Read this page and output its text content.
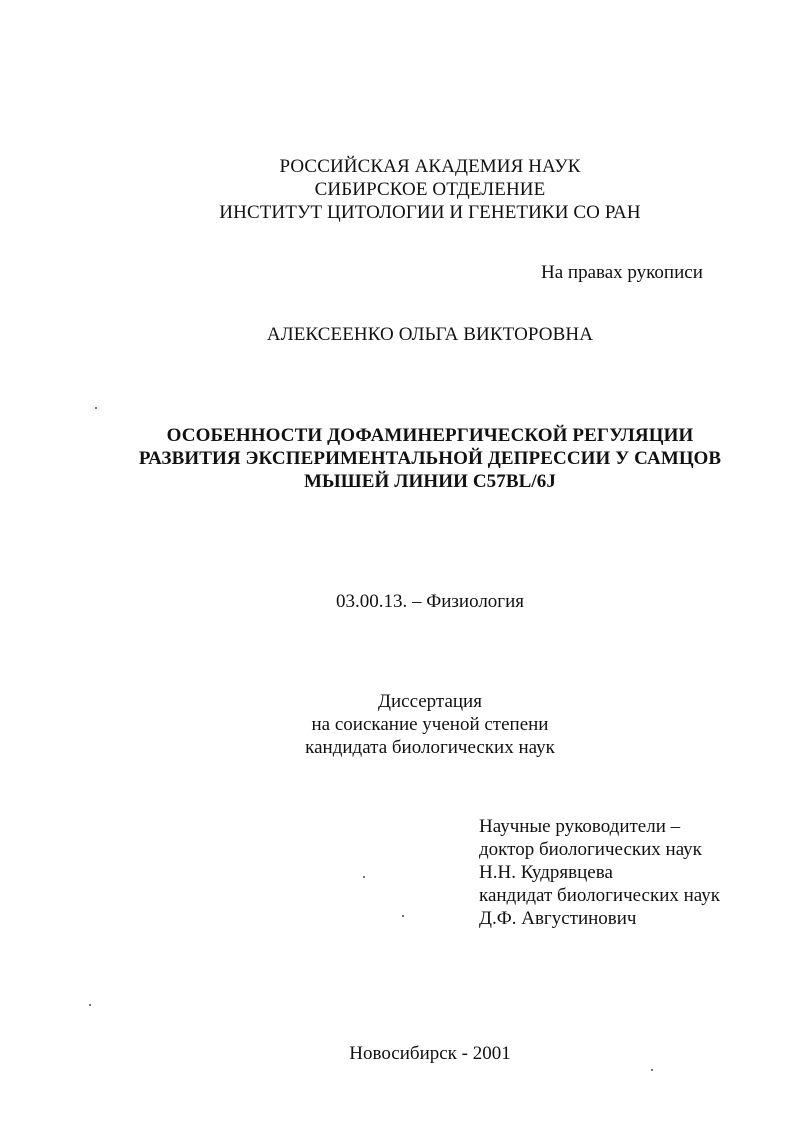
РОССИЙСКАЯ АКАДЕМИЯ НАУК
СИБИРСКОЕ ОТДЕЛЕНИЕ
ИНСТИТУТ ЦИТОЛОГИИ И ГЕНЕТИКИ СО РАН
На правах рукописи
АЛЕКСЕЕНКО ОЛЬГА ВИКТОРОВНА
ОСОБЕННОСТИ ДОФАМИНЕРГИЧЕСКОЙ РЕГУЛЯЦИИ
РАЗВИТИЯ ЭКСПЕРИМЕНТАЛЬНОЙ ДЕПРЕССИИ У САМЦОВ
МЫШЕЙ ЛИНИИ С57BL/6J
03.00.13. – Физиология
Диссертация
на соискание ученой степени
кандидата биологических наук
Научные руководители –
доктор биологических наук
Н.Н. Кудрявцева
кандидат биологических наук
Д.Ф. Августинович
Новосибирск - 2001
